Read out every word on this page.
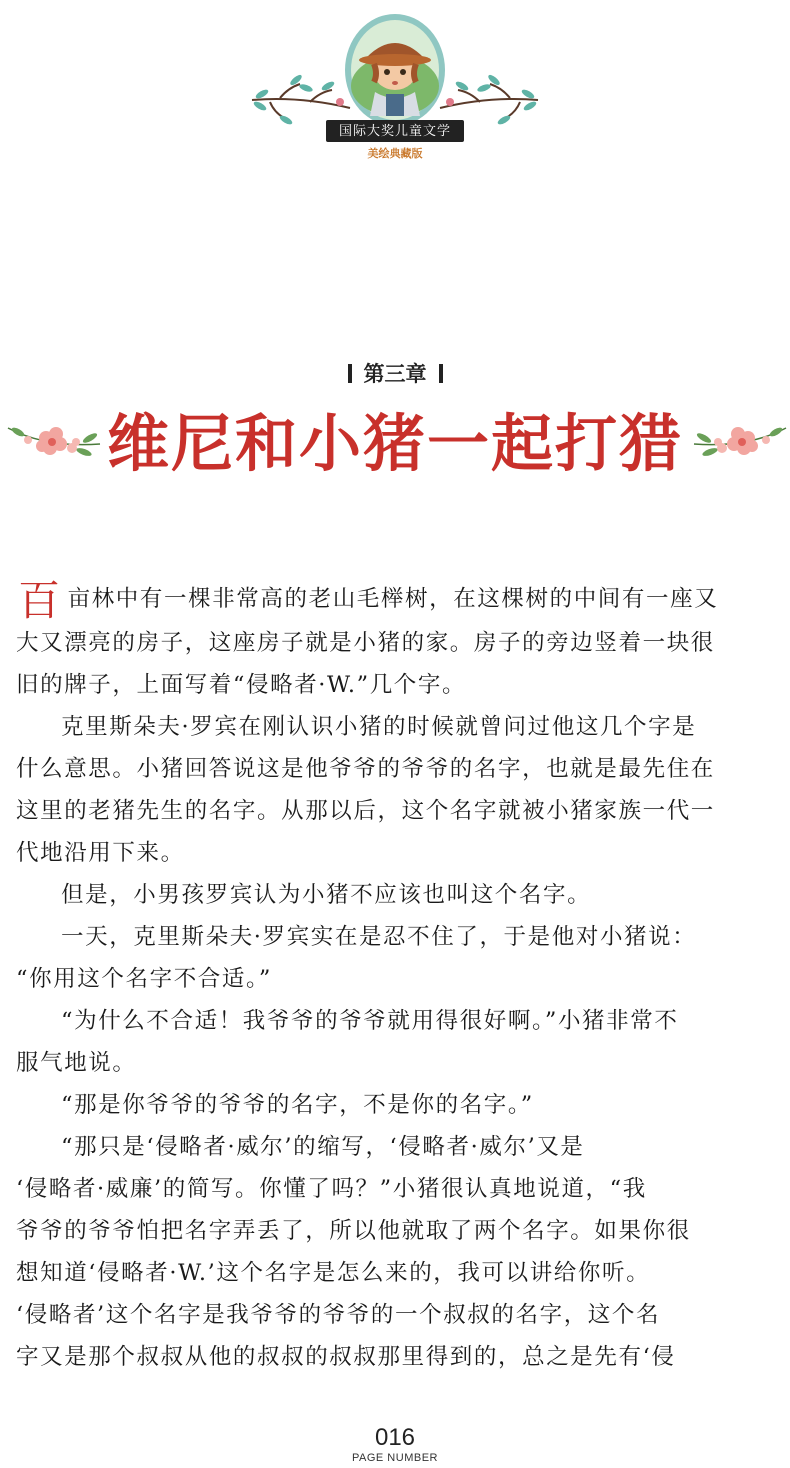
国际大奖儿童文学
美绘典藏版
第三章
维尼和小猪一起打猎

百 亩林中有一棵非常高的老山毛榉树，在这棵树的中间有一座又
大又漂亮的房子，这座房子就是小猪的家。房子的旁边竖着一块很
旧的牌子，上面写着“侵略者·W.”几个字。

克里斯朵夫·罗宾在刚认识小猪的时候就曾问过他这几个字是
什么意思。小猪回答说这是他爷爷的爷爷的名字，也就是最先住在
这里的老猪先生的名字。从那以后，这个名字就被小猪家族一代一
代地沿用下来。

但是，小男孩罗宾认为小猪不应该也叫这个名字。

一天，克里斯朵夫·罗宾实在是忍不住了，于是他对小猪说：
“你用这个名字不合适。”

“为什么不合适！我爷爷的爷爷就用得很好啊。”小猪非常不
服气地说。

“那是你爷爷的爷爷的名字，不是你的名字。”

“那只是‘侵略者·威尔’的缩写，‘侵略者·威尔’又是
‘侵略者·威廉’的简写。你懂了吗？”小猪很认真地说道，“我
爷爷的爷爷怕把名字弄丢了，所以他就取了两个名字。如果你很
想知道‘侵略者·W.’这个名字是怎么来的，我可以讲给你听。
‘侵略者’这个名字是我爷爷的爷爷的一个叔叔的名字，这个名
字又是那个叔叔从他的叔叔的叔叔那里得到的，总之是先有‘侵

016
PAGE NUMBER
